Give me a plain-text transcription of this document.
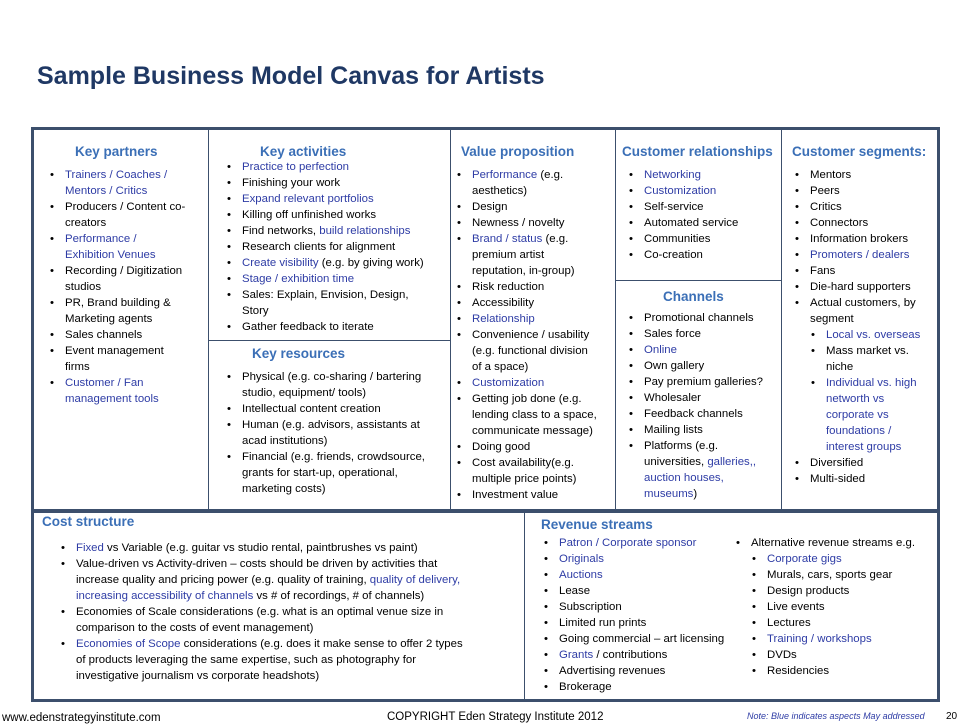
Sample Business Model Canvas for Artists
Key partners
• Trainers / Coaches /
Mentors / Critics
• Producers / Content co-
creators
• Performance /
Exhibition Venues
• Recording / Digitization
studios
• PR, Brand building &
Marketing agents
• Sales channels
• Event management
firms
• Customer / Fan
management tools
Key activities
• Practice to perfection
• Finishing your work
• Expand relevant portfolios
• Killing off unfinished works
• Find networks, build relationships
• Research clients for alignment
• Create visibility (e.g. by giving work)
• Stage / exhibition time
• Sales: Explain, Envision, Design,
Story
• Gather feedback to iterate
Key resources
• Physical (e.g. co-sharing / bartering
studio, equipment/ tools)
• Intellectual content creation
• Human (e.g. advisors, assistants at
acad institutions)
• Financial (e.g. friends, crowdsource,
grants for start-up, operational,
marketing costs)
Value proposition
• Performance (e.g.
aesthetics)
• Design
• Newness / novelty
• Brand / status (e.g.
premium artist
reputation, in-group)
• Risk reduction
• Accessibility
• Relationship
• Convenience / usability
(e.g. functional division
of a space)
• Customization
• Getting job done (e.g.
lending class to a space,
communicate message)
• Doing good
• Cost availability(e.g.
multiple price points)
• Investment value
Customer relationships
• Networking
• Customization
• Self-service
• Automated service
• Communities
• Co-creation
Channels
• Promotional channels
• Sales force
• Online
• Own gallery
• Pay premium galleries?
• Wholesaler
• Feedback channels
• Mailing lists
• Platforms (e.g.
universities, galleries,,
auction houses,
museums)
Customer segments:
• Mentors
• Peers
• Critics
• Connectors
• Information brokers
• Promoters / dealers
• Fans
• Die-hard supporters
• Actual customers, by
segment
• Local vs. overseas
• Mass market vs.
niche
• Individual vs. high
networth vs
corporate vs
foundations /
interest groups
• Diversified
• Multi-sided
Cost structure
• Fixed vs Variable (e.g. guitar vs studio rental, paintbrushes vs paint)
• Value-driven vs Activity-driven – costs should be driven by activities that
increase quality and pricing power (e.g. quality of training, quality of delivery,
increasing accessibility of channels vs # of recordings, # of channels)
• Economies of Scale considerations (e.g. what is an optimal venue size in
comparison to the costs of event management)
• Economies of Scope considerations (e.g. does it make sense to offer 2 types
of products leveraging the same expertise, such as photography for
investigative journalism vs corporate headshots)
Revenue streams
• Patron / Corporate sponsor
• Originals
• Auctions
• Lease
• Subscription
• Limited run prints
• Going commercial – art licensing
• Grants / contributions
• Advertising revenues
• Brokerage
• Alternative revenue streams e.g.
• Corporate gigs
• Murals, cars, sports gear
• Design products
• Live events
• Lectures
• Training / workshops
• DVDs
• Residencies
www.edenstrategyinstitute.com	COPYRIGHT Eden Strategy Institute 2012	Note: Blue indicates aspects May addressed 20
